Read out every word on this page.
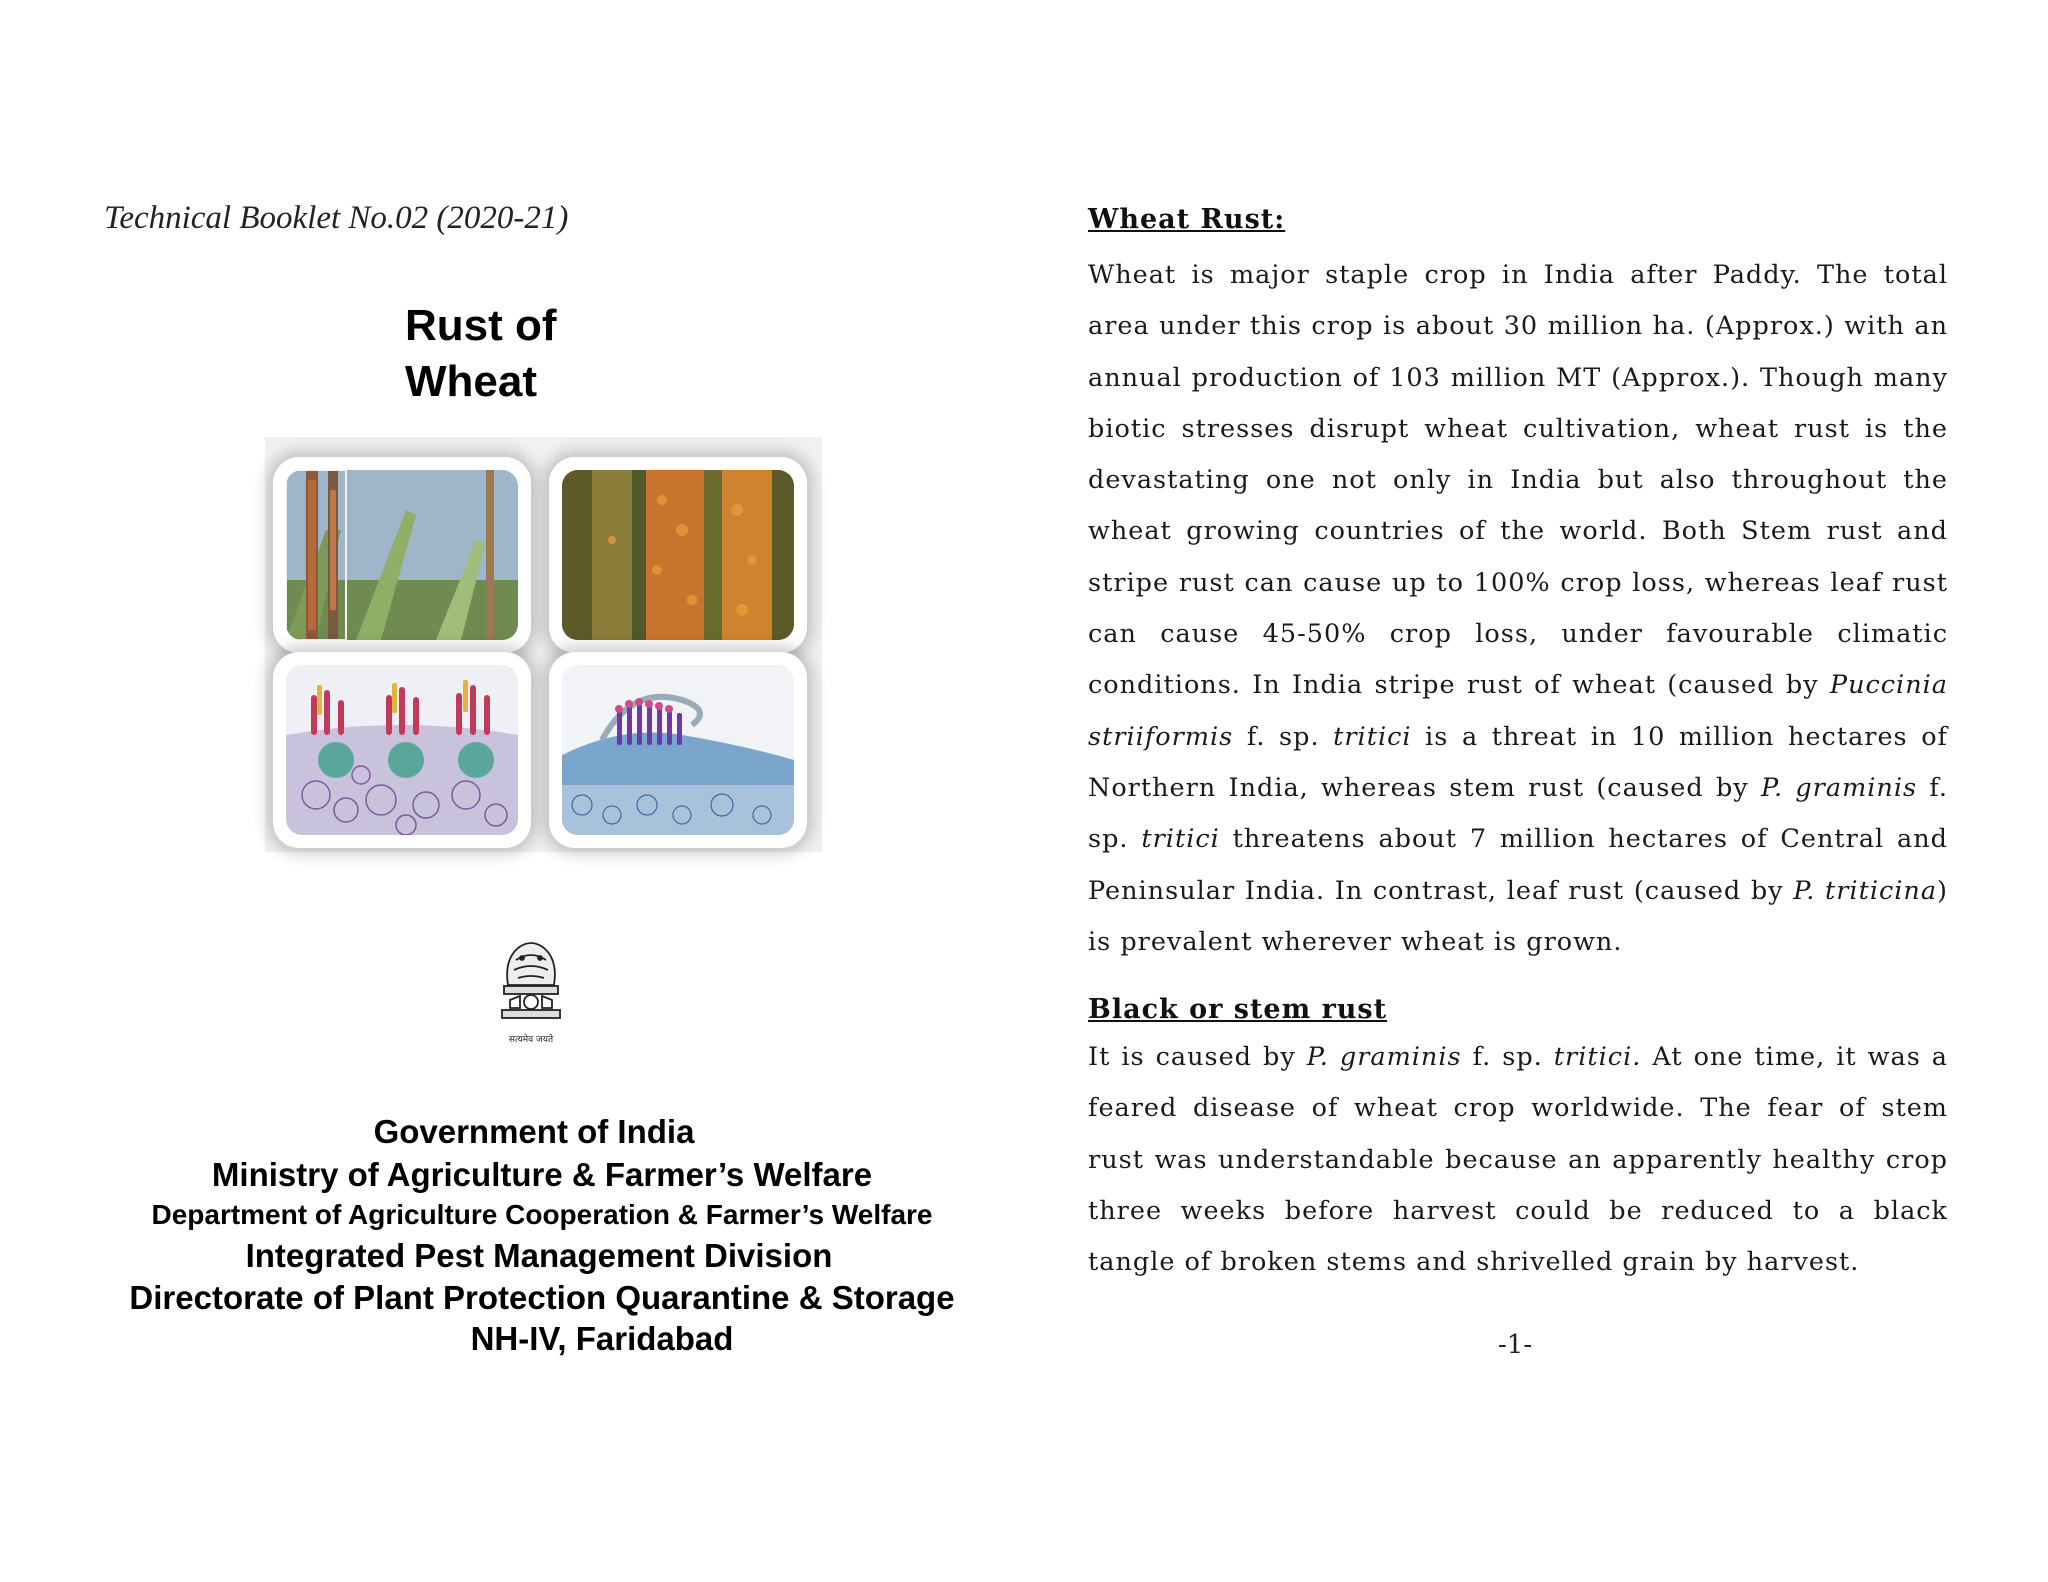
Technical Booklet No.02 (2020-21)
Rust of
Wheat
सत्यमेव जयते
Government of India
Ministry of Agriculture & Farmer’s Welfare
Department of Agriculture Cooperation & Farmer’s Welfare
Integrated Pest Management Division
Directorate of Plant Protection Quarantine & Storage
NH-IV, Faridabad
Wheat Rust:

Wheat is major staple crop in India after Paddy. The total area under this crop is about 30 million ha. (Approx.) with an annual production of 103 million MT (Approx.). Though many biotic stresses disrupt wheat cultivation, wheat rust is the devastating one not only in India but also throughout the wheat growing countries of the world. Both Stem rust and stripe rust can cause up to 100% crop loss, whereas leaf rust can cause 45-50% crop loss, under favourable climatic conditions. In India stripe rust of wheat (caused by Puccinia striiformis f. sp. tritici is a threat in 10 million hectares of Northern India, whereas stem rust (caused by P. graminis f. sp. tritici threatens about 7 million hectares of Central and Peninsular India. In contrast, leaf rust (caused by P. triticina) is prevalent wherever wheat is grown.

Black or stem rust

It is caused by P. graminis f. sp. tritici. At one time, it was a feared disease of wheat crop worldwide. The fear of stem rust was understandable because an apparently healthy crop three weeks before harvest could be reduced to a black tangle of broken stems and shrivelled grain by harvest.

-1-
